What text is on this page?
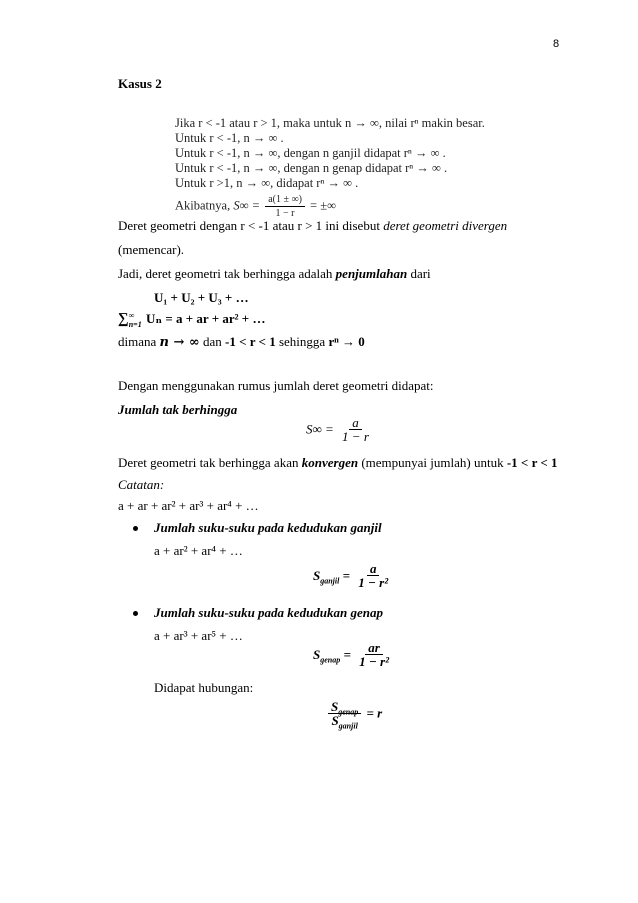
8
Kasus 2
Jika r < -1 atau r > 1, maka untuk n → ∞, nilai rⁿ makin besar.
Untuk r < -1, n → ∞ .
Untuk r < -1, n → ∞, dengan n ganjil didapat rⁿ → ∞ .
Untuk r < -1, n → ∞, dengan n genap didapat rⁿ → ∞ .
Untuk r >1, n → ∞, didapat rⁿ → ∞ .
Akibatnya, $S\infty = \frac{a(1 \pm \infty)}{1 - r}$ = ±∞
Deret geometri dengan r < -1 atau r > 1 ini disebut deret geometri divergen
(memencar).
Jadi, deret geometri tak berhingga adalah penjumlahan dari
U₁ + U₂ + U₃ + …
∑ ∞
n=1 Uₙ = a + ar + ar² + …
dimana n → ∞ dan -1 < r < 1 sehingga rⁿ → 0
Dengan menggunakan rumus jumlah deret geometri didapat:
Jumlah tak berhingga
$S\infty = \frac{a}{1 - r}$
Deret geometri tak berhingga akan konvergen (mempunyai jumlah) untuk -1 < r < 1
Catatan:
a + ar + ar² + ar³ + ar⁴ + …
Jumlah suku-suku pada kedudukan ganjil
a + ar² + ar⁴ + …
$S_{ganjil} = \frac{a}{\text{1 − r²}}$
Jumlah suku-suku pada kedudukan genap
a + ar³ + ar⁵ + …
$S_{genap} = \frac{ar}{\text{1 − r²}}$
Didapat hubungan:
$\frac{S_{genap}}{S_{ganjil}} = r$
